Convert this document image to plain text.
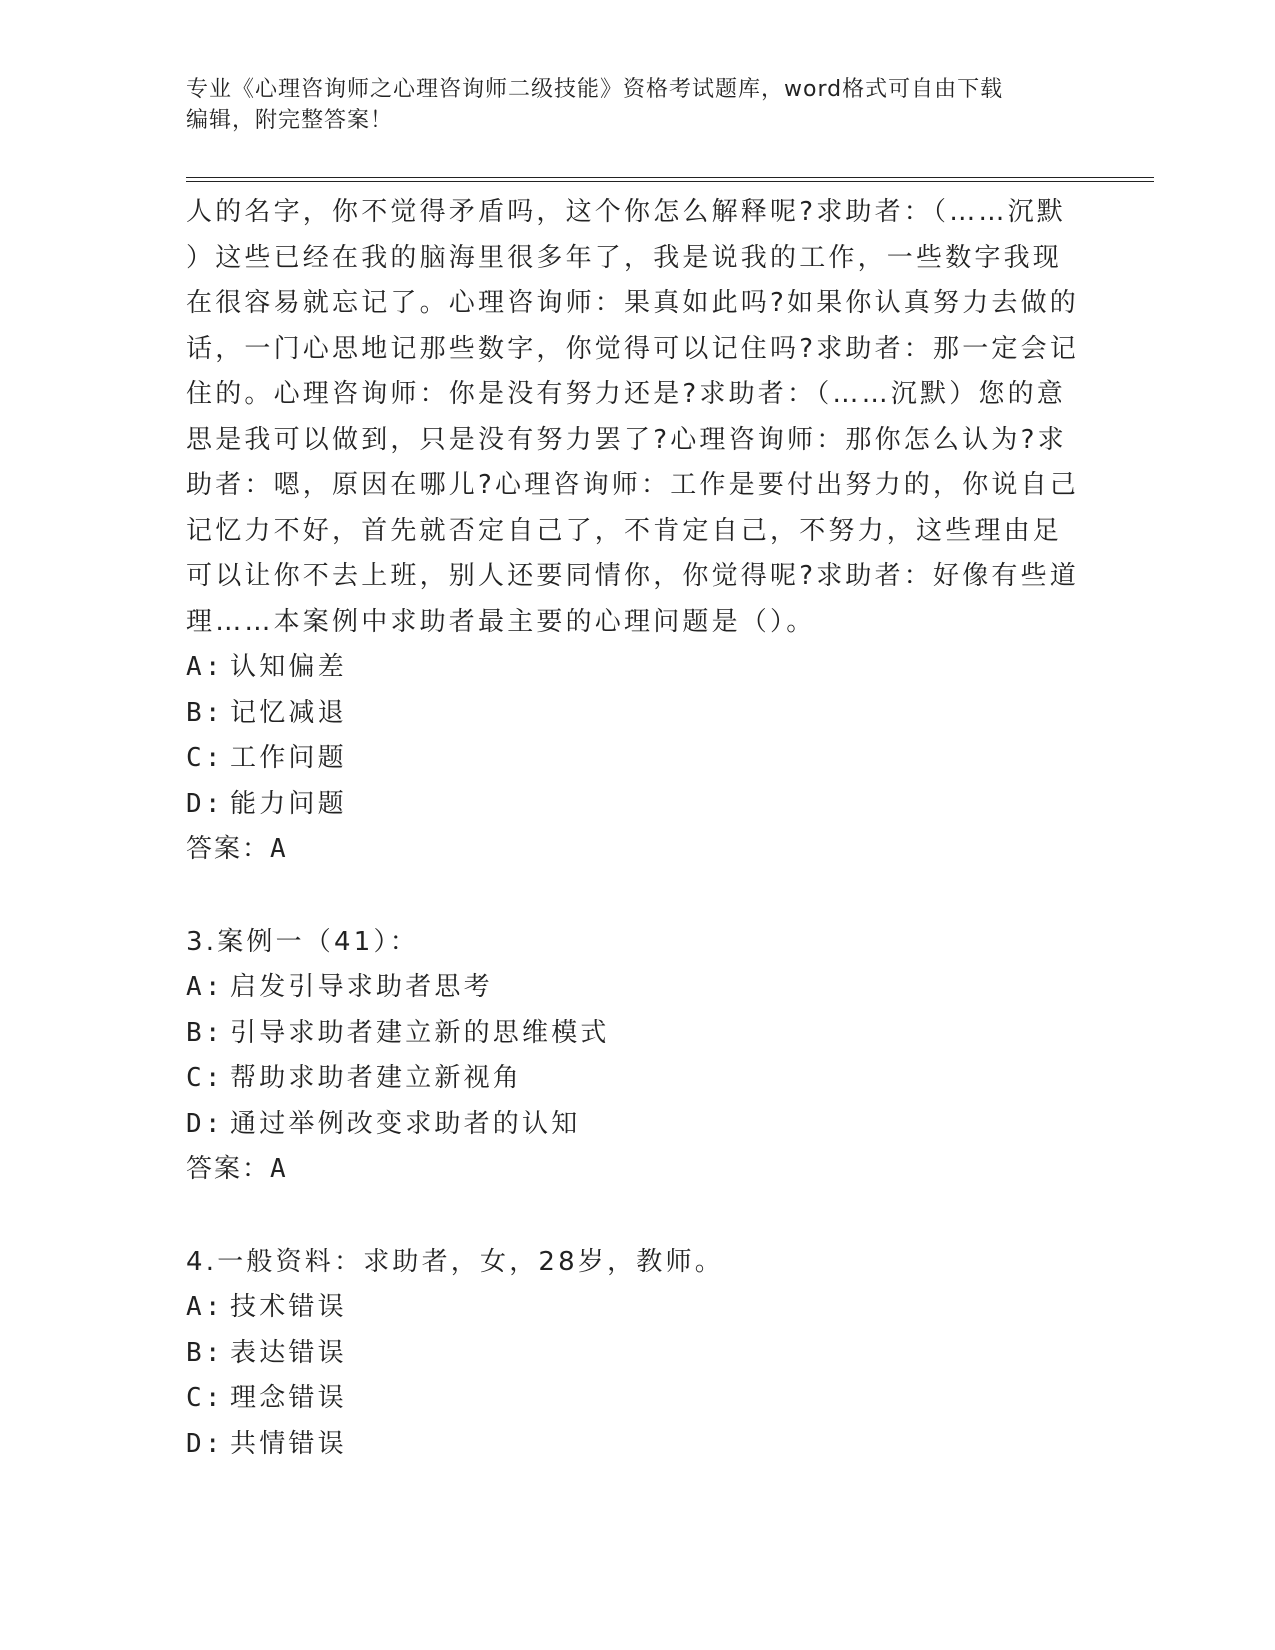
专业《心理咨询师之心理咨询师二级技能》资格考试题库，word格式可自由下载
编辑，附完整答案！
人的名字，你不觉得矛盾吗，这个你怎么解释呢?求助者：（……沉默
）这些已经在我的脑海里很多年了，我是说我的工作，一些数字我现
在很容易就忘记了。心理咨询师：果真如此吗?如果你认真努力去做的
话，一门心思地记那些数字，你觉得可以记住吗?求助者：那一定会记
住的。心理咨询师：你是没有努力还是?求助者：（……沉默）您的意
思是我可以做到，只是没有努力罢了?心理咨询师：那你怎么认为?求
助者：嗯，原因在哪儿?心理咨询师：工作是要付出努力的，你说自己
记忆力不好，首先就否定自己了，不肯定自己，不努力，这些理由足
可以让你不去上班，别人还要同情你，你觉得呢?求助者：好像有些道
理……本案例中求助者最主要的心理问题是（）。
A: 认知偏差
B: 记忆减退
C: 工作问题
D: 能力问题
答案：A
3.案例一（41）：
A: 启发引导求助者思考
B: 引导求助者建立新的思维模式
C: 帮助求助者建立新视角
D: 通过举例改变求助者的认知
答案：A
4.一般资料：求助者，女，28岁，教师。
A: 技术错误
B: 表达错误
C: 理念错误
D: 共情错误
